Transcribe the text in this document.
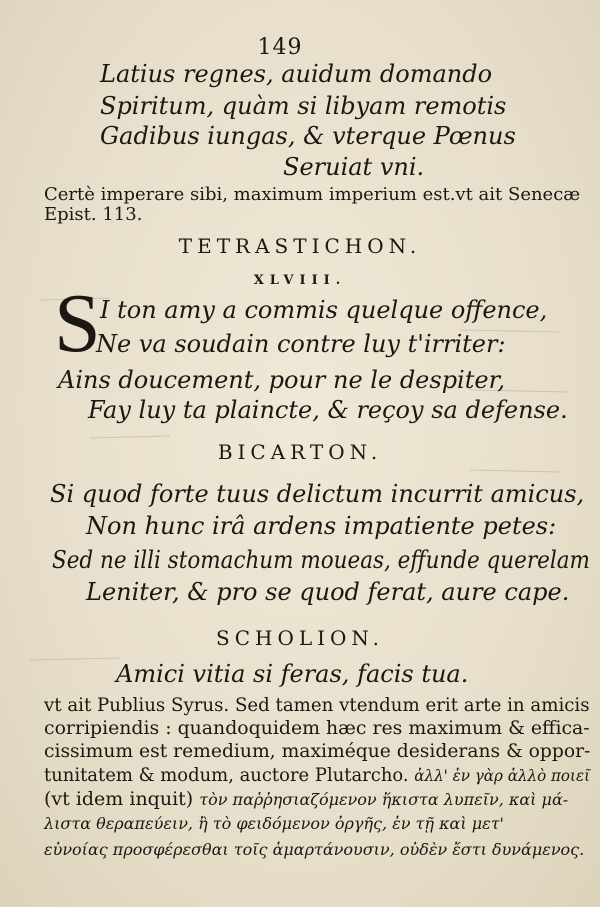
149
Latius regnes, auidum domando
Spiritum, quàm si libyam remotis
Gadibus iungas, & vterque Pœnus
Seruiat vni.
Certè imperare sibi, maximum imperium est.vt ait Senecæ
Epist. 113.
TETRASTICHON.
XLVIII.
S I ton amy a commis quelque offence,
Ne va soudain contre luy t'irriter:
Ains doucement, pour ne le despiter,
Fay luy ta plaincte, & reçoy sa defense.
BICARTON.
Si quod forte tuus delictum incurrit amicus,
Non hunc irâ ardens impatiente petes:
Sed ne illi stomachum moueas, effunde querelam
Leniter, & pro se quod ferat, aure cape.
SCHOLION.
Amici vitia si feras, facis tua.
vt ait Publius Syrus. Sed tamen vtendum erit arte in amicis
corripiendis : quandoquidem hæc res maximum & effica-
cissimum est remedium, maximéque desiderans & oppor-
tunitatem & modum, auctore Plutarcho. ἀλλ' ἐν γὰρ ἀλλὸ ποιεῖ
(vt idem inquit) τὸν παῤῥησιαζόμενον ἥκιστα λυπεῖν, καὶ μά-
λιστα θεραπεύειν, ἢ τὸ φειδόμενον ὀργῆς, ἐν τῇ καὶ μετ'
εὐνοίας προσφέρεσθαι τοῖς ἁμαρτάνουσιν, οὐδὲν ἔστι δυνάμενος.
